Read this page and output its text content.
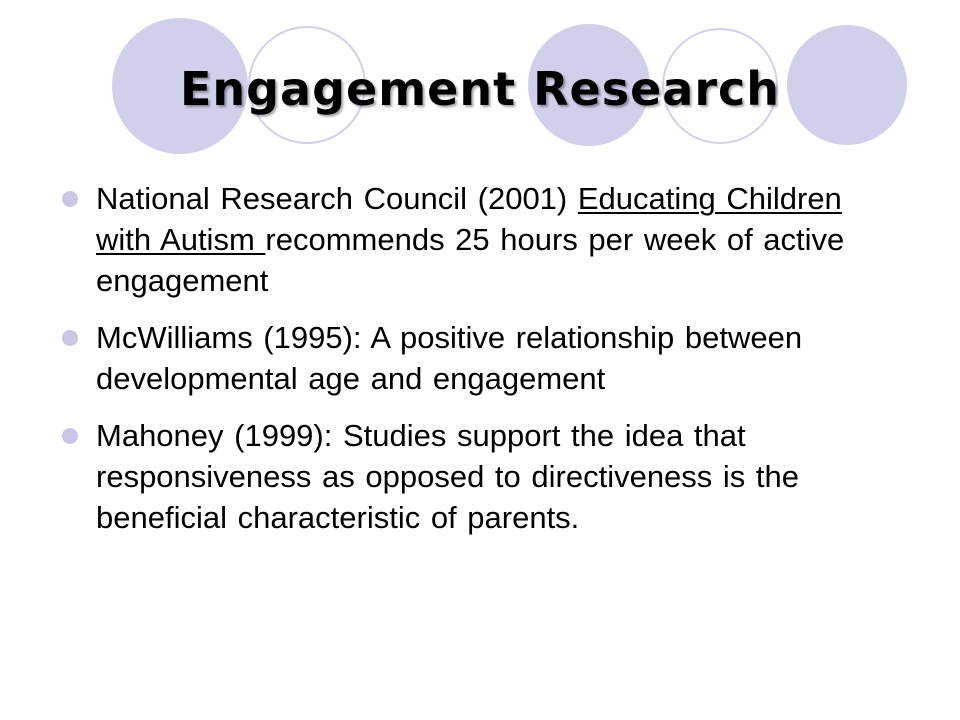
Engagement Research
National Research Council (2001) Educating Children with Autism recommends 25 hours per week of active engagement
McWilliams (1995): A positive relationship between developmental age and engagement
Mahoney (1999): Studies support the idea that responsiveness as opposed to directiveness is the beneficial characteristic of parents.
